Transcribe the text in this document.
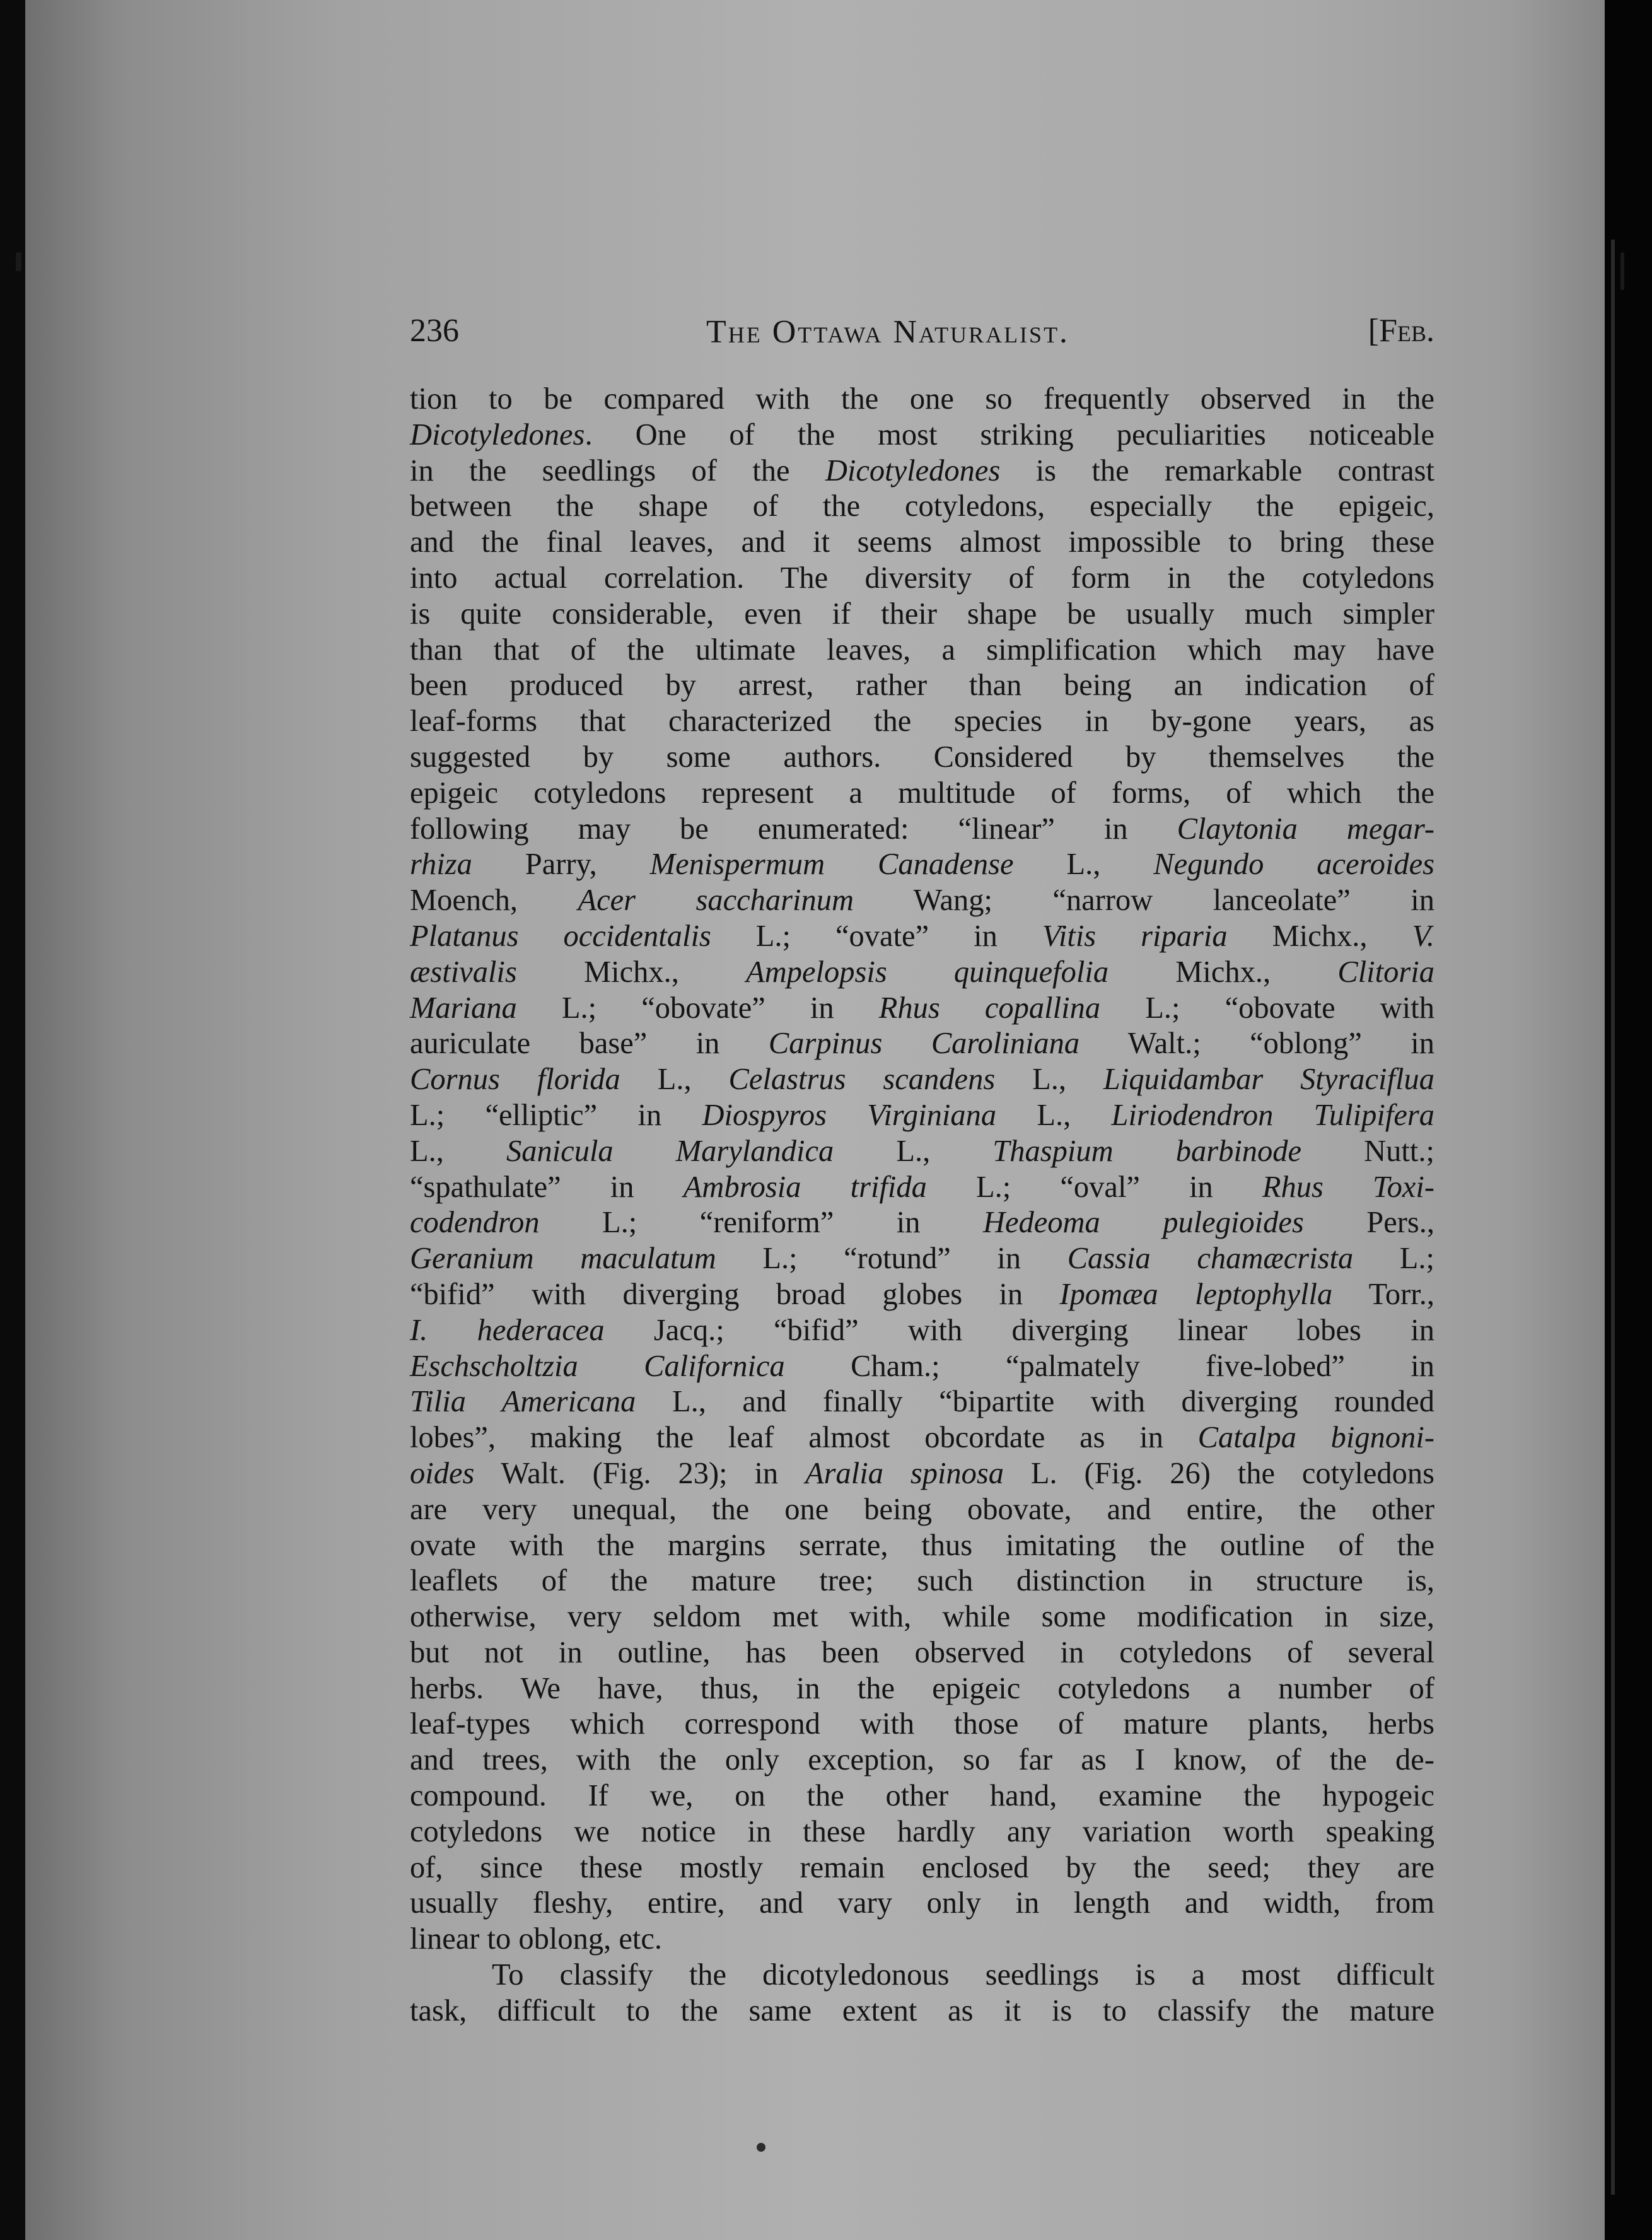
236	The Ottawa Naturalist.	[Feb.
tion to be compared with the one so frequently observed in the
Dicotyledones. One of the most striking peculiarities noticeable
in the seedlings of the Dicotyledones is the remarkable contrast
between the shape of the cotyledons, especially the epigeic,
and the final leaves, and it seems almost impossible to bring these
into actual correlation. The diversity of form in the cotyledons
is quite considerable, even if their shape be usually much simpler
than that of the ultimate leaves, a simplification which may have
been produced by arrest, rather than being an indication of
leaf-forms that characterized the species in by-gone years, as
suggested by some authors. Considered by themselves the
epigeic cotyledons represent a multitude of forms, of which the
following may be enumerated: “linear” in Claytonia megar-
rhiza Parry, Menispermum Canadense L., Negundo aceroides
Moench, Acer saccharinum Wang; “narrow lanceolate” in
Platanus occidentalis L.; “ovate” in Vitis riparia Michx., V.
æstivalis Michx., Ampelopsis quinquefolia Michx., Clitoria
Mariana L.; “obovate” in Rhus copallina L.; “obovate with
auriculate base” in Carpinus Caroliniana Walt.; “oblong” in
Cornus florida L., Celastrus scandens L., Liquidambar Styraciflua
L.; “elliptic” in Diospyros Virginiana L., Liriodendron Tulipifera
L., Sanicula Marylandica L., Thaspium barbinode Nutt.;
“spathulate” in Ambrosia trifida L.; “oval” in Rhus Toxi-
codendron L.; “reniform” in Hedeoma pulegioides Pers.,
Geranium maculatum L.; “rotund” in Cassia chamæcrista L.;
“bifid” with diverging broad globes in Ipomæa leptophylla Torr.,
I. hederacea Jacq.; “bifid” with diverging linear lobes in
Eschscholtzia Californica Cham.; “palmately five-lobed” in
Tilia Americana L., and finally “bipartite with diverging rounded
lobes”, making the leaf almost obcordate as in Catalpa bignoni-
oides Walt. (Fig. 23); in Aralia spinosa L. (Fig. 26) the cotyledons
are very unequal, the one being obovate, and entire, the other
ovate with the margins serrate, thus imitating the outline of the
leaflets of the mature tree; such distinction in structure is,
otherwise, very seldom met with, while some modification in size,
but not in outline, has been observed in cotyledons of several
herbs. We have, thus, in the epigeic cotyledons a number of
leaf-types which correspond with those of mature plants, herbs
and trees, with the only exception, so far as I know, of the de-
compound. If we, on the other hand, examine the hypogeic
cotyledons we notice in these hardly any variation worth speaking
of, since these mostly remain enclosed by the seed; they are
usually fleshy, entire, and vary only in length and width, from
linear to oblong, etc.
To classify the dicotyledonous seedlings is a most difficult
task, difficult to the same extent as it is to classify the mature
